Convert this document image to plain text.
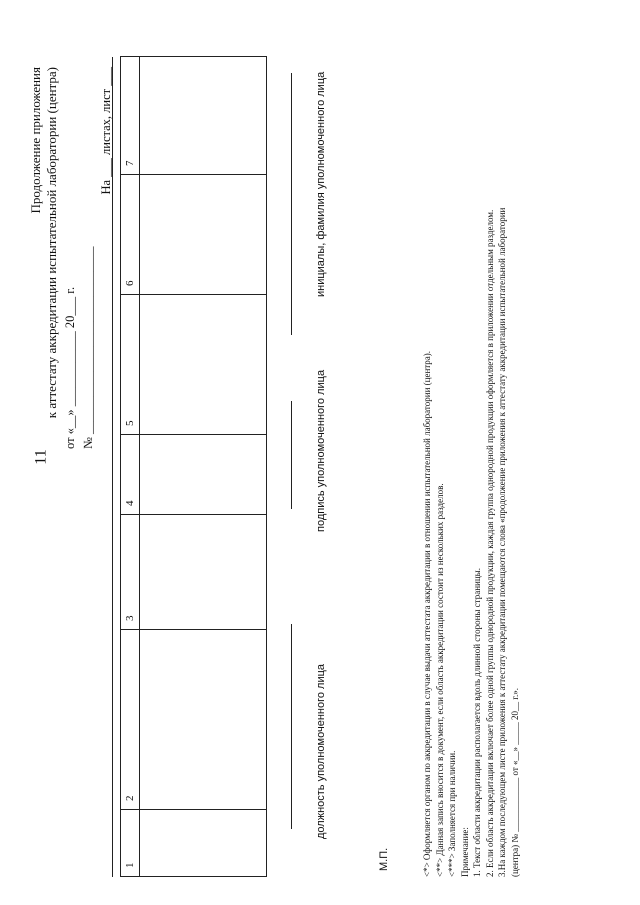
11
Продолжение приложения к аттестату аккредитации испытательной лаборатории (центра) от «__» ____________ 20___ г. № ______________________________
На ___ листах, лист ___
1	2	3	4	5	6	7

должность уполномоченного лица
подпись уполномоченного лица
инициалы, фамилия уполномоченного лица
М.П.	<*> Оформляется органом по аккредитации в случае выдачи аттестата аккредитации в отношении испытательной лаборатории (центра). <**> Данная запись вносится в документ, если область аккредитации состоит из нескольких разделов. <***> Заполняется при наличии. Примечание: 1. Текст области аккредитации располагается вдоль длинной стороны страницы. 2. Если область аккредитации включает более одной группы однородной продукции, каждая группа однородной продукции оформляется в приложении отдельным разделом. 3.На каждом последующем листе приложения к аттестату аккредитации помещаются слова «продолжение приложения к аттестату аккредитации испытательной лаборатории (центра) № ____________ от «__» _____ 20__ г.».
